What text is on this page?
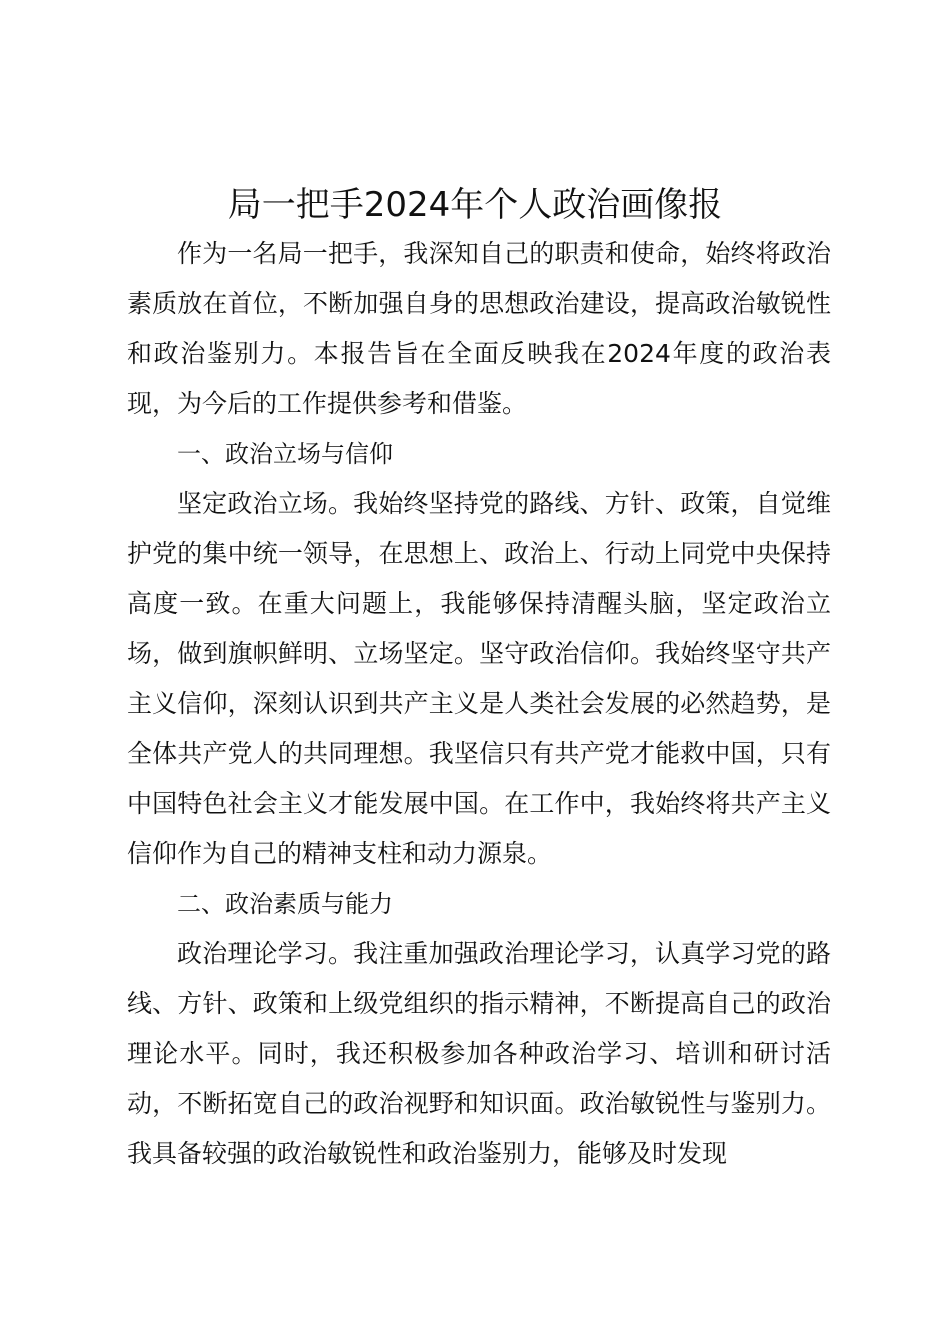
局一把手2024年个人政治画像报

作为一名局一把手，我深知自己的职责和使命，始终将政治素质放在首位，不断加强自身的思想政治建设，提高政治敏锐性和政治鉴别力。本报告旨在全面反映我在2024年度的政治表现，为今后的工作提供参考和借鉴。

一、政治立场与信仰

坚定政治立场。我始终坚持党的路线、方针、政策，自觉维护党的集中统一领导，在思想上、政治上、行动上同党中央保持高度一致。在重大问题上，我能够保持清醒头脑，坚定政治立场，做到旗帜鲜明、立场坚定。坚守政治信仰。我始终坚守共产主义信仰，深刻认识到共产主义是人类社会发展的必然趋势，是全体共产党人的共同理想。我坚信只有共产党才能救中国，只有中国特色社会主义才能发展中国。在工作中，我始终将共产主义信仰作为自己的精神支柱和动力源泉。

二、政治素质与能力

政治理论学习。我注重加强政治理论学习，认真学习党的路线、方针、政策和上级党组织的指示精神，不断提高自己的政治理论水平。同时，我还积极参加各种政治学习、培训和研讨活动，不断拓宽自己的政治视野和知识面。政治敏锐性与鉴别力。我具备较强的政治敏锐性和政治鉴别力，能够及时发现
